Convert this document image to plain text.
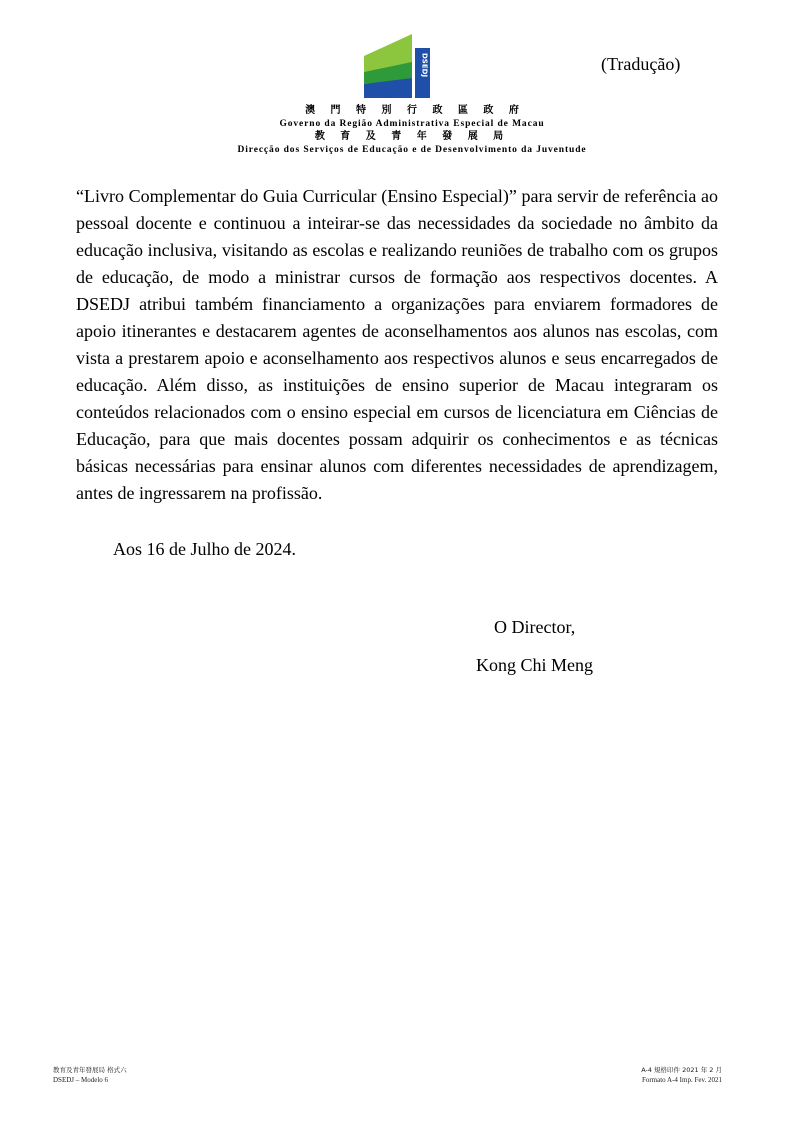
DSEDJ	(Tradução)
澳 門 特 別 行 政 區 政 府
Governo da Região Administrativa Especial de Macau
教 育 及 青 年 發 展 局
Direcção dos Serviços de Educação e de Desenvolvimento da Juventude

“Livro Complementar do Guia Curricular (Ensino Especial)” para servir de referência ao pessoal docente e continuou a inteirar-se das necessidades da sociedade no âmbito da educação inclusiva, visitando as escolas e realizando reuniões de trabalho com os grupos de educação, de modo a ministrar cursos de formação aos respectivos docentes. A DSEDJ atribui também financiamento a organizações para enviarem formadores de apoio itinerantes e destacarem agentes de aconselhamentos aos alunos nas escolas, com vista a prestarem apoio e aconselhamento aos respectivos alunos e seus encarregados de educação. Além disso, as instituições de ensino superior de Macau integraram os conteúdos relacionados com o ensino especial em cursos de licenciatura em Ciências de Educação, para que mais docentes possam adquirir os conhecimentos e as técnicas básicas necessárias para ensinar alunos com diferentes necessidades de aprendizagem, antes de ingressarem na profissão.

Aos 16 de Julho de 2024.
O Director,
Kong Chi Meng
教育及青年發展局 格式六
DSEDJ – Modelo 6
A-4 規格印件 2021 年 2 月
Formato A-4 Imp. Fev. 2021
